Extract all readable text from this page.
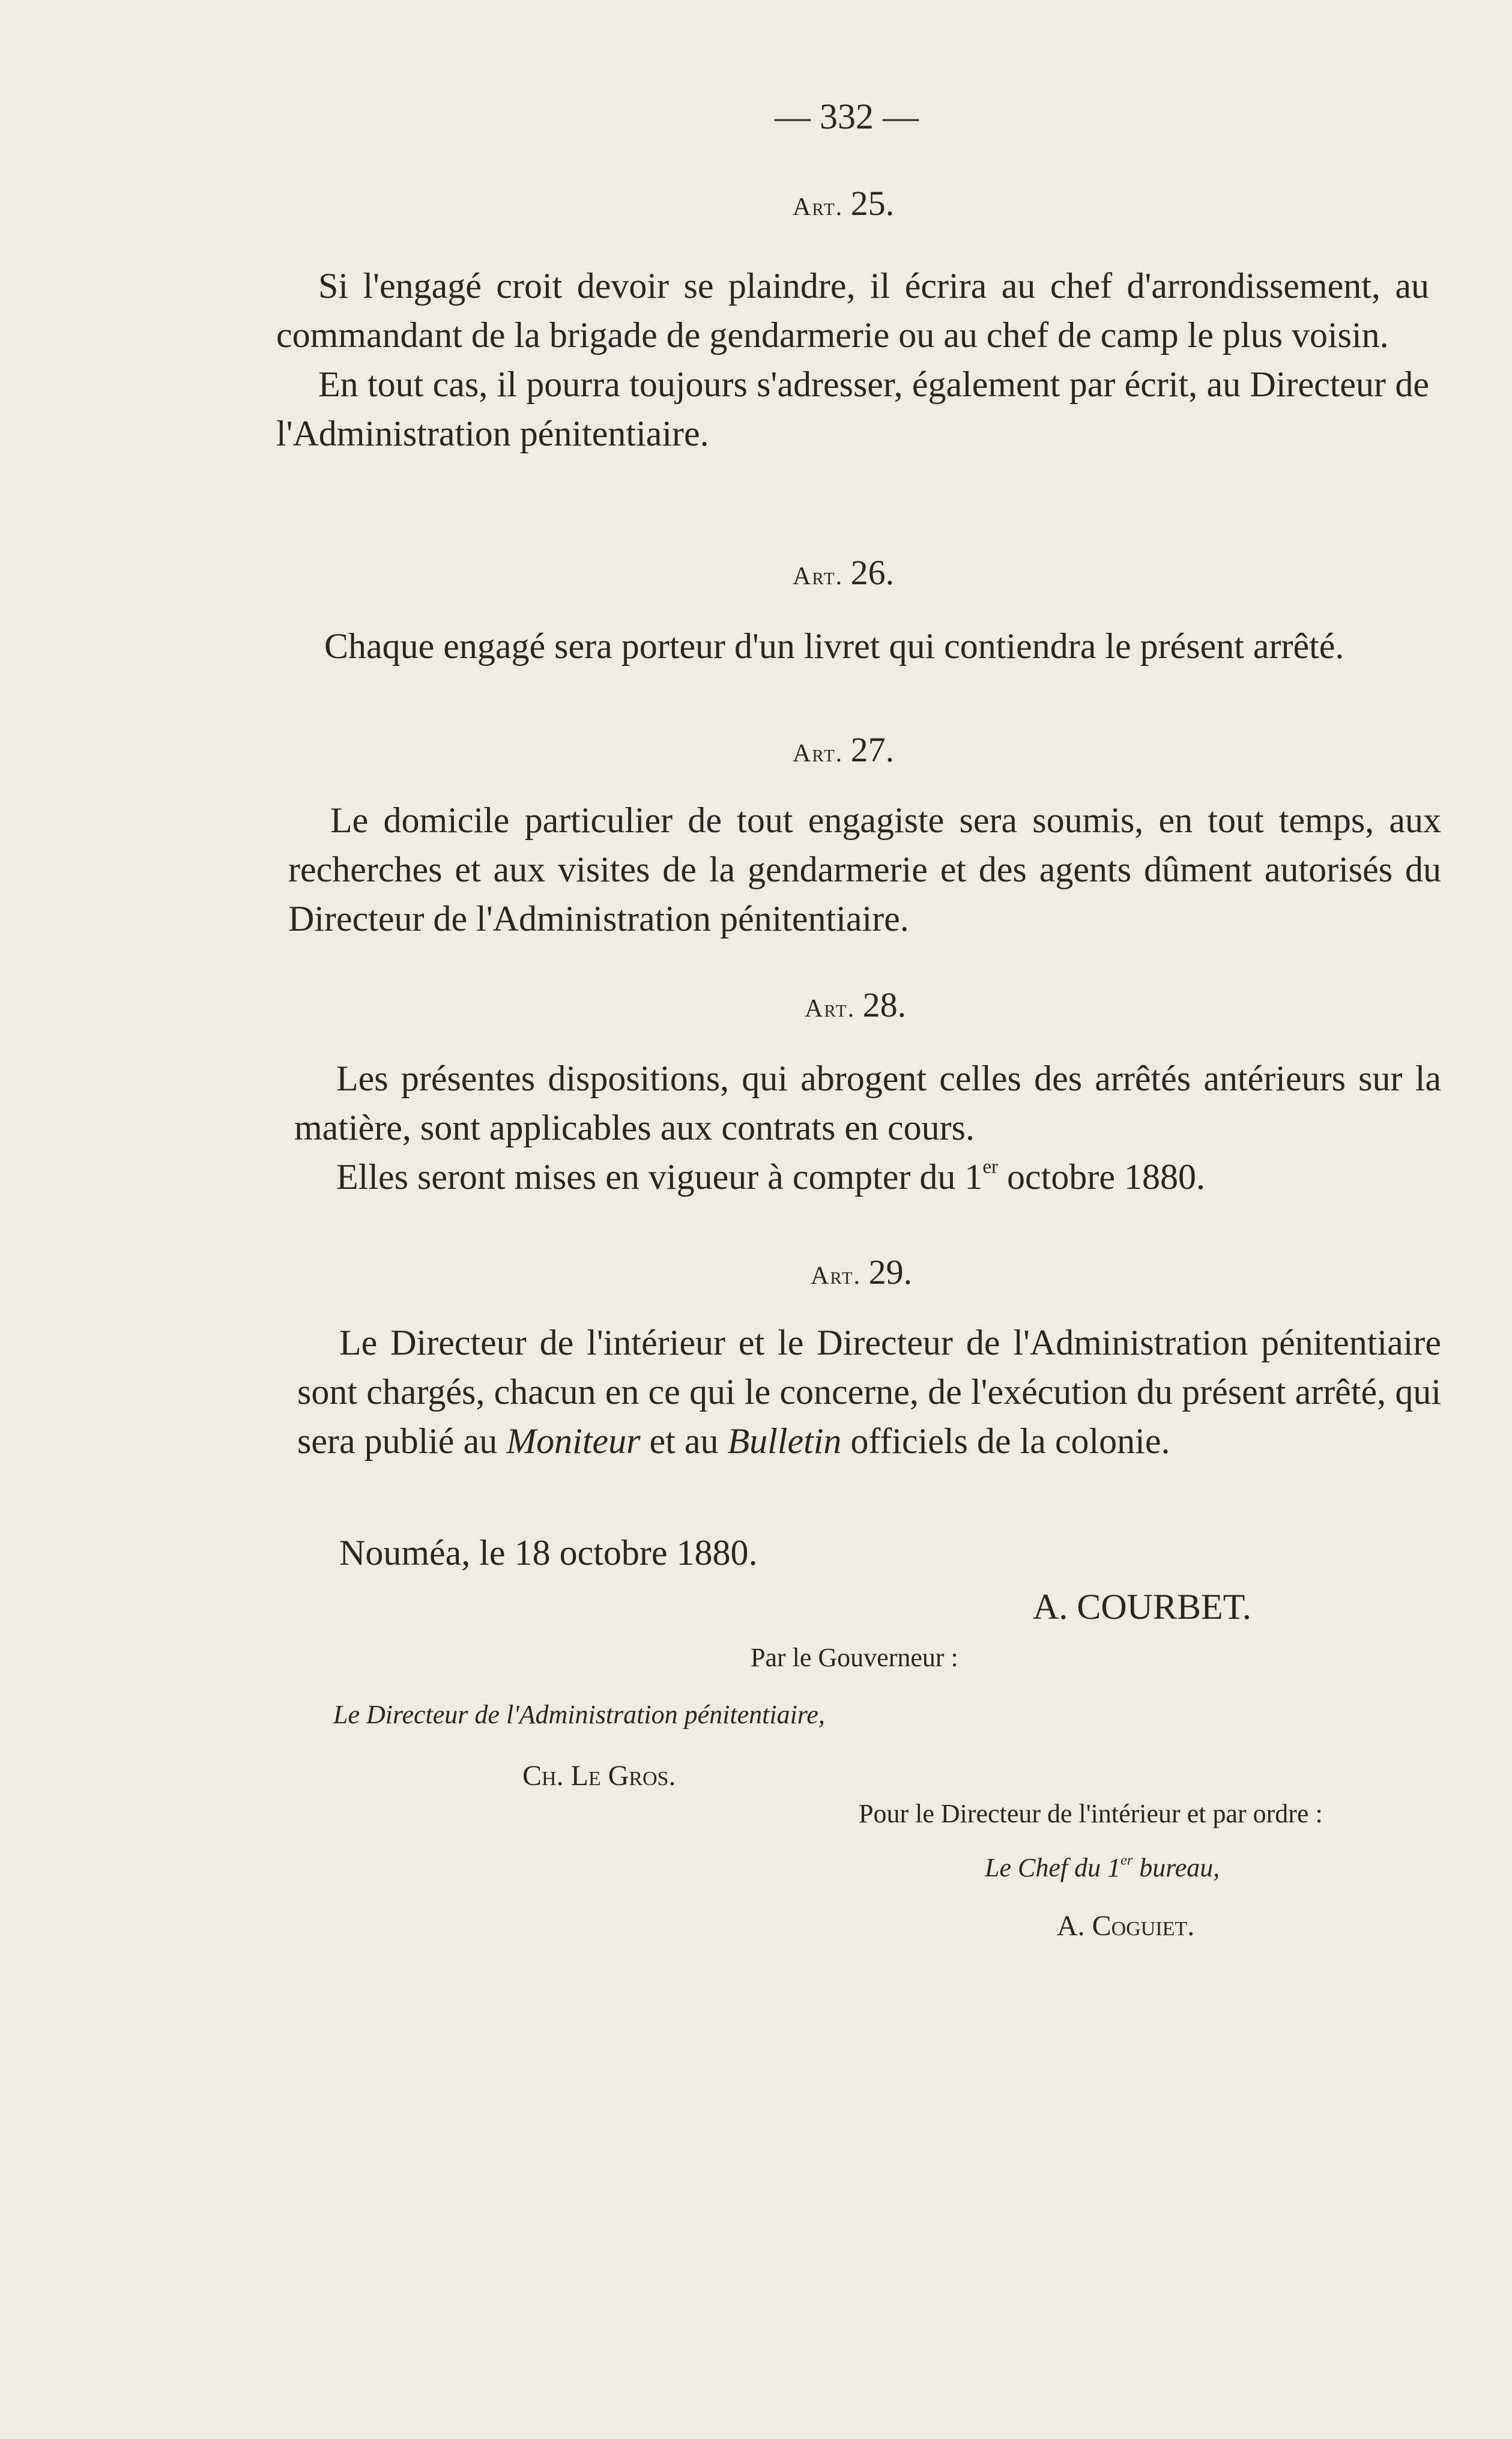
— 332 —
Art. 25.

Si l'engagé croit devoir se plaindre, il écrira au chef d'arrondissement, au commandant de la brigade de gendarmerie ou au chef de camp le plus voisin.

En tout cas, il pourra toujours s'adresser, également par écrit, au Directeur de l'Administration pénitentiaire.

Art. 26.

Chaque engagé sera porteur d'un livret qui contiendra le présent arrêté.

Art. 27.

Le domicile particulier de tout engagiste sera soumis, en tout temps, aux recherches et aux visites de la gendarmerie et des agents dûment autorisés du Directeur de l'Administration pénitentiaire.

Art. 28.

Les présentes dispositions, qui abrogent celles des arrêtés antérieurs sur la matière, sont applicables aux contrats en cours.

Elles seront mises en vigueur à compter du 1er octobre 1880.

Art. 29.

Le Directeur de l'intérieur et le Directeur de l'Administration pénitentiaire sont chargés, chacun en ce qui le concerne, de l'exécution du présent arrêté, qui sera publié au Moniteur et au Bulletin officiels de la colonie.

Nouméa, le 18 octobre 1880.
A. COURBET.
Par le Gouverneur :
Le Directeur de l'Administration pénitentiaire,
Ch. Le Gros.
Pour le Directeur de l'intérieur et par ordre :
Le Chef du 1er bureau,
A. Coguiet.
